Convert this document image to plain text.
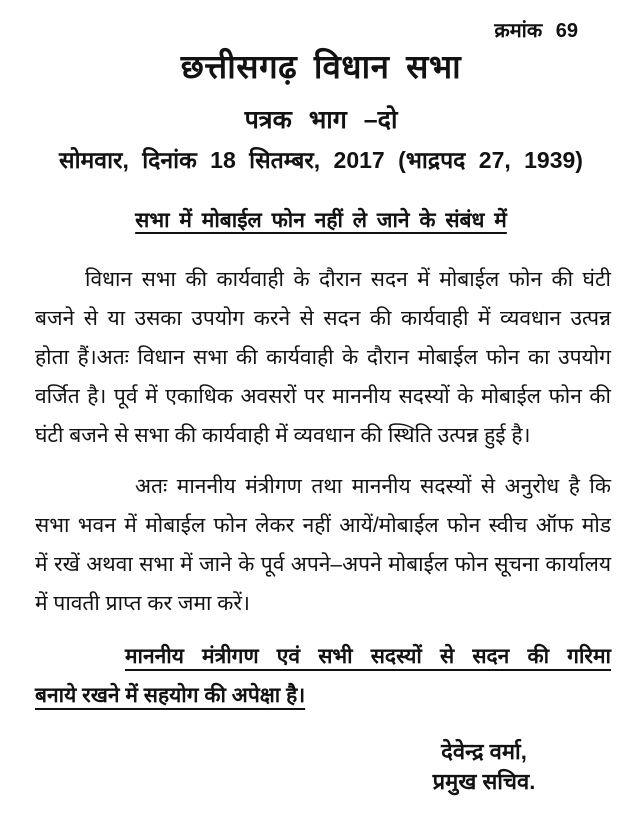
क्रमांक 69
छत्तीसगढ़ विधान सभा
पत्रक भाग –दो
सोमवार, दिनांक 18 सितम्बर, 2017 (भाद्रपद 27, 1939)
सभा में मोबाईल फोन नहीं ले जाने के संबंध में
विधान सभा की कार्यवाही के दौरान सदन में मोबाईल फोन की घंटी
बजने से या उसका उपयोग करने से सदन की कार्यवाही में व्यवधान उत्पन्न
होता हैं।अतः विधान सभा की कार्यवाही के दौरान मोबाईल फोन का उपयोग
वर्जित है। पूर्व में एकाधिक अवसरों पर माननीय सदस्यों के मोबाईल फोन की
घंटी बजने से सभा की कार्यवाही में व्यवधान की स्थिति उत्पन्न हुई है।
अतः माननीय मंत्रीगण तथा माननीय सदस्यों से अनुरोध है कि
सभा भवन में मोबाईल फोन लेकर नहीं आयें/मोबाईल फोन स्वीच ऑफ मोड
में रखें अथवा सभा में जाने के पूर्व अपने–अपने मोबाईल फोन सूचना कार्यालय
में पावती प्राप्त कर जमा करें।
माननीय मंत्रीगण एवं सभी सदस्यों से सदन की गरिमा
बनाये रखने में सहयोग की अपेक्षा है।
देवेन्द्र वर्मा,
प्रमुख सचिव.
